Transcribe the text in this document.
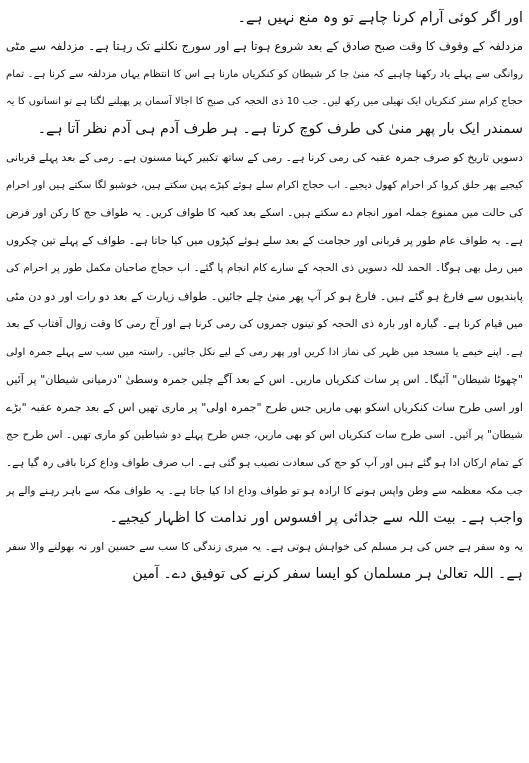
اور اگر کوئی آرام کرنا چاہے تو وہ منع نہیں ہے۔
مزدلفہ کے وقوف کا وقت صبح صادق کے بعد شروع ہوتا ہے اور سورج نکلنے تک رہتا ہے۔ مزدلفہ سے مٹی
روانگی سے پہلے یاد رکھنا چاہیے کہ منیٰ جا کر شیطان کو کنکریاں مارنا ہے اس کا انتظام یہاں مزدلفہ سے کرنا ہے۔ تمام
حجاج کرام ستر کنکریاں ایک تھیلی میں رکھ لیں۔ جب 10 ذی الحجہ کی صبح کا اجالا آسمان پر پھیلنے لگتا ہے تو انسانوں کا یہ
سمندر ایک بار پھر منیٰ کی طرف کوچ کرتا ہے۔ ہر طرف آدم ہی آدم نظر آتا ہے۔
دسویں تاریخ کو صرف جمرہ عقبہ کی رمی کرنا ہے۔ رمی کے ساتھ تکبیر کہنا مسنون ہے۔ رمی کے بعد پہلے قربانی
کیجیے پھر حلق کروا کر احرام کھول دیجیے۔ اب حجاج اکرام سلے ہوئے کپڑے پہن سکتے ہیں، خوشبو لگا سکتے ہیں اور احرام
کی حالت میں ممنوع جملہ امور انجام دے سکتے ہیں۔ اسکے بعد کعبہ کا طواف کریں۔ یہ طواف حج کا رکن اور فرض
ہے۔ یہ طواف عام طور پر قربانی اور حجامت کے بعد سلے ہوئے کپڑوں میں کیا جاتا ہے۔ طواف کے پہلے تین چکروں
میں رمل بھی ہوگا۔ الحمد للہ دسویں ذی الحجہ کے سارے کام انجام پا گئے۔ اب حجاج صاحبان مکمل طور پر احرام کی
پابندیوں سے فارغ ہو گئے ہیں۔ فارغ ہو کر آپ پھر منیٰ چلے جائیں۔ طواف زیارت کے بعد دو رات اور دو دن مٹی
میں قیام کرنا ہے۔ گیارہ اور بارہ ذی الحجہ کو تینوں جمروں کی رمی کرنا ہے اور آج رمی کا وقت زوال آفتاب کے بعد
ہے۔ اپنے خیمے یا مسجد میں ظہر کی نماز ادا کریں اور پھر رمی کے لیے نکل جائیں۔ راستہ میں سب سے پہلے جمرہ اولی
"چھوٹا شیطان" آئیگا۔ اس پر سات کنکریاں ماریں۔ اس کے بعد آگے چلیں جمرہ وسطیٰ "درمیانی شیطان" پر آئیں
اور اسی طرح سات کنکریاں اسکو بھی ماریں جس طرح "جمرہ اولی" پر ماری تھیں اس کے بعد جمرہ عقبہ "بڑے
شیطان" پر آئیں۔ اسی طرح سات کنکریاں اس کو بھی ماریں، جس طرح پہلے دو شیاطین کو ماری تھیں۔ اس طرح حج
کے تمام ارکان ادا ہو گئے ہیں اور آپ کو حج کی سعادت نصیب ہو گئی ہے۔ اب صرف طواف وداع کرنا باقی رہ گیا ہے۔
جب مکہ معظمہ سے وطن واپس ہونے کا ارادہ ہو تو طواف وداع ادا کیا جاتا ہے۔ یہ طواف مکہ سے باہر رہنے والے پر
واجب ہے۔ بیت اللہ سے جدائی پر افسوس اور ندامت کا اظہار کیجیے۔
یہ وہ سفر ہے جس کی ہر مسلم کی خواہش ہوتی ہے۔ یہ میری زندگی کا سب سے حسین اور نہ بھولنے والا سفر
ہے۔ اللہ تعالیٰ ہر مسلمان کو ایسا سفر کرنے کی توفیق دے۔ آمین
